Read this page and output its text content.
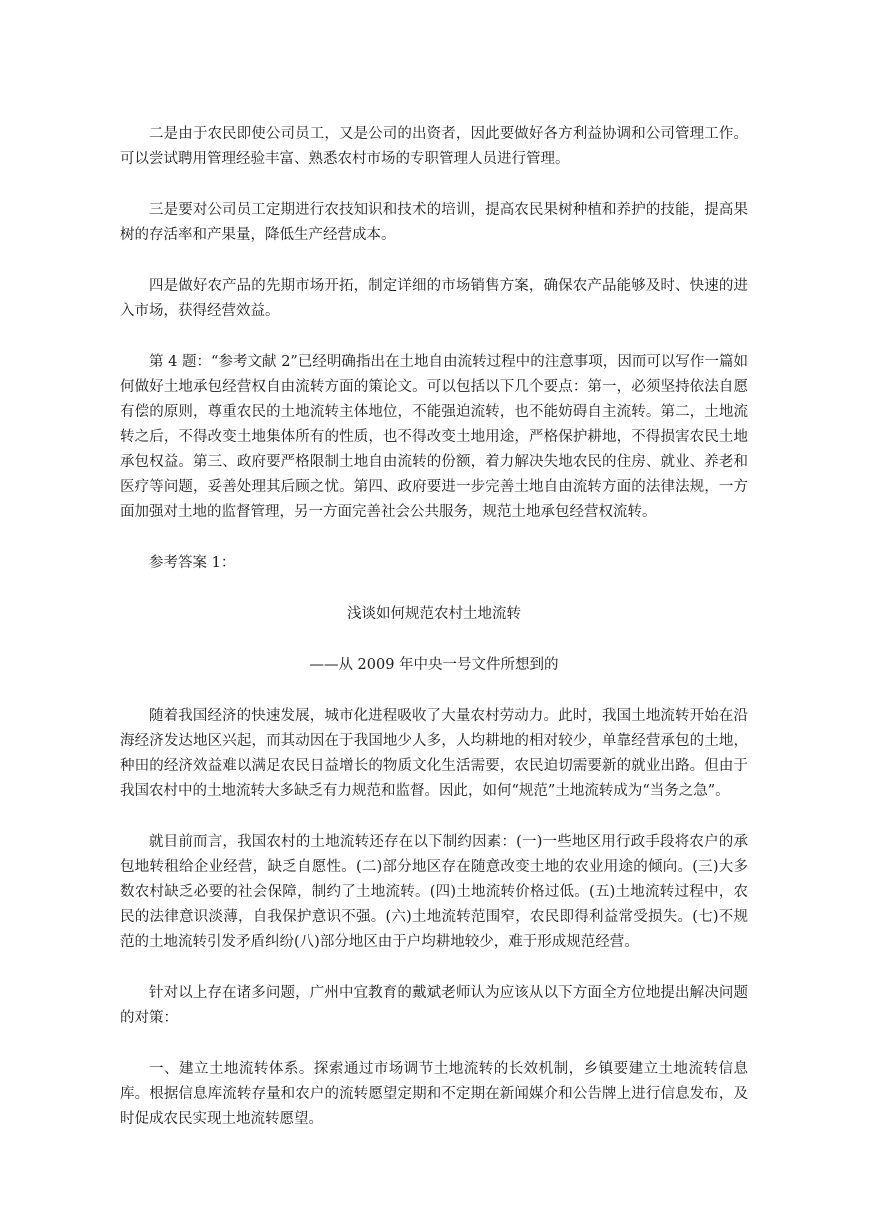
二是由于农民即使公司员工，又是公司的出资者，因此要做好各方利益协调和公司管理工作。可以尝试聘用管理经验丰富、熟悉农村市场的专职管理人员进行管理。

三是要对公司员工定期进行农技知识和技术的培训，提高农民果树种植和养护的技能，提高果树的存活率和产果量，降低生产经营成本。

四是做好农产品的先期市场开拓，制定详细的市场销售方案，确保农产品能够及时、快速的进入市场，获得经营效益。

第 4 题：“参考文献 2”已经明确指出在土地自由流转过程中的注意事项，因而可以写作一篇如何做好土地承包经营权自由流转方面的策论文。可以包括以下几个要点：第一，必须坚持依法自愿有偿的原则，尊重农民的土地流转主体地位，不能强迫流转，也不能妨碍自主流转。第二，土地流转之后，不得改变土地集体所有的性质，也不得改变土地用途，严格保护耕地，不得损害农民土地承包权益。第三、政府要严格限制土地自由流转的份额，着力解决失地农民的住房、就业、养老和医疗等问题，妥善处理其后顾之忧。第四、政府要进一步完善土地自由流转方面的法律法规，一方面加强对土地的监督管理，另一方面完善社会公共服务，规范土地承包经营权流转。

参考答案 1：

浅谈如何规范农村土地流转

——从 2009 年中央一号文件所想到的

随着我国经济的快速发展，城市化进程吸收了大量农村劳动力。此时，我国土地流转开始在沿海经济发达地区兴起，而其动因在于我国地少人多，人均耕地的相对较少，单靠经营承包的土地，种田的经济效益难以满足农民日益增长的物质文化生活需要，农民迫切需要新的就业出路。但由于我国农村中的土地流转大多缺乏有力规范和监督。因此，如何“规范”土地流转成为“当务之急”。

就目前而言，我国农村的土地流转还存在以下制约因素：(一)一些地区用行政手段将农户的承包地转租给企业经营，缺乏自愿性。(二)部分地区存在随意改变土地的农业用途的倾向。(三)大多数农村缺乏必要的社会保障，制约了土地流转。(四)土地流转价格过低。(五)土地流转过程中，农民的法律意识淡薄，自我保护意识不强。(六)土地流转范围窄，农民即得利益常受损失。(七)不规范的土地流转引发矛盾纠纷(八)部分地区由于户均耕地较少，难于形成规范经营。

针对以上存在诸多问题，广州中宜教育的戴斌老师认为应该从以下方面全方位地提出解决问题的对策：

一、建立土地流转体系。探索通过市场调节土地流转的长效机制，乡镇要建立土地流转信息库。根据信息库流转存量和农户的流转愿望定期和不定期在新闻媒介和公告牌上进行信息发布，及时促成农民实现土地流转愿望。
